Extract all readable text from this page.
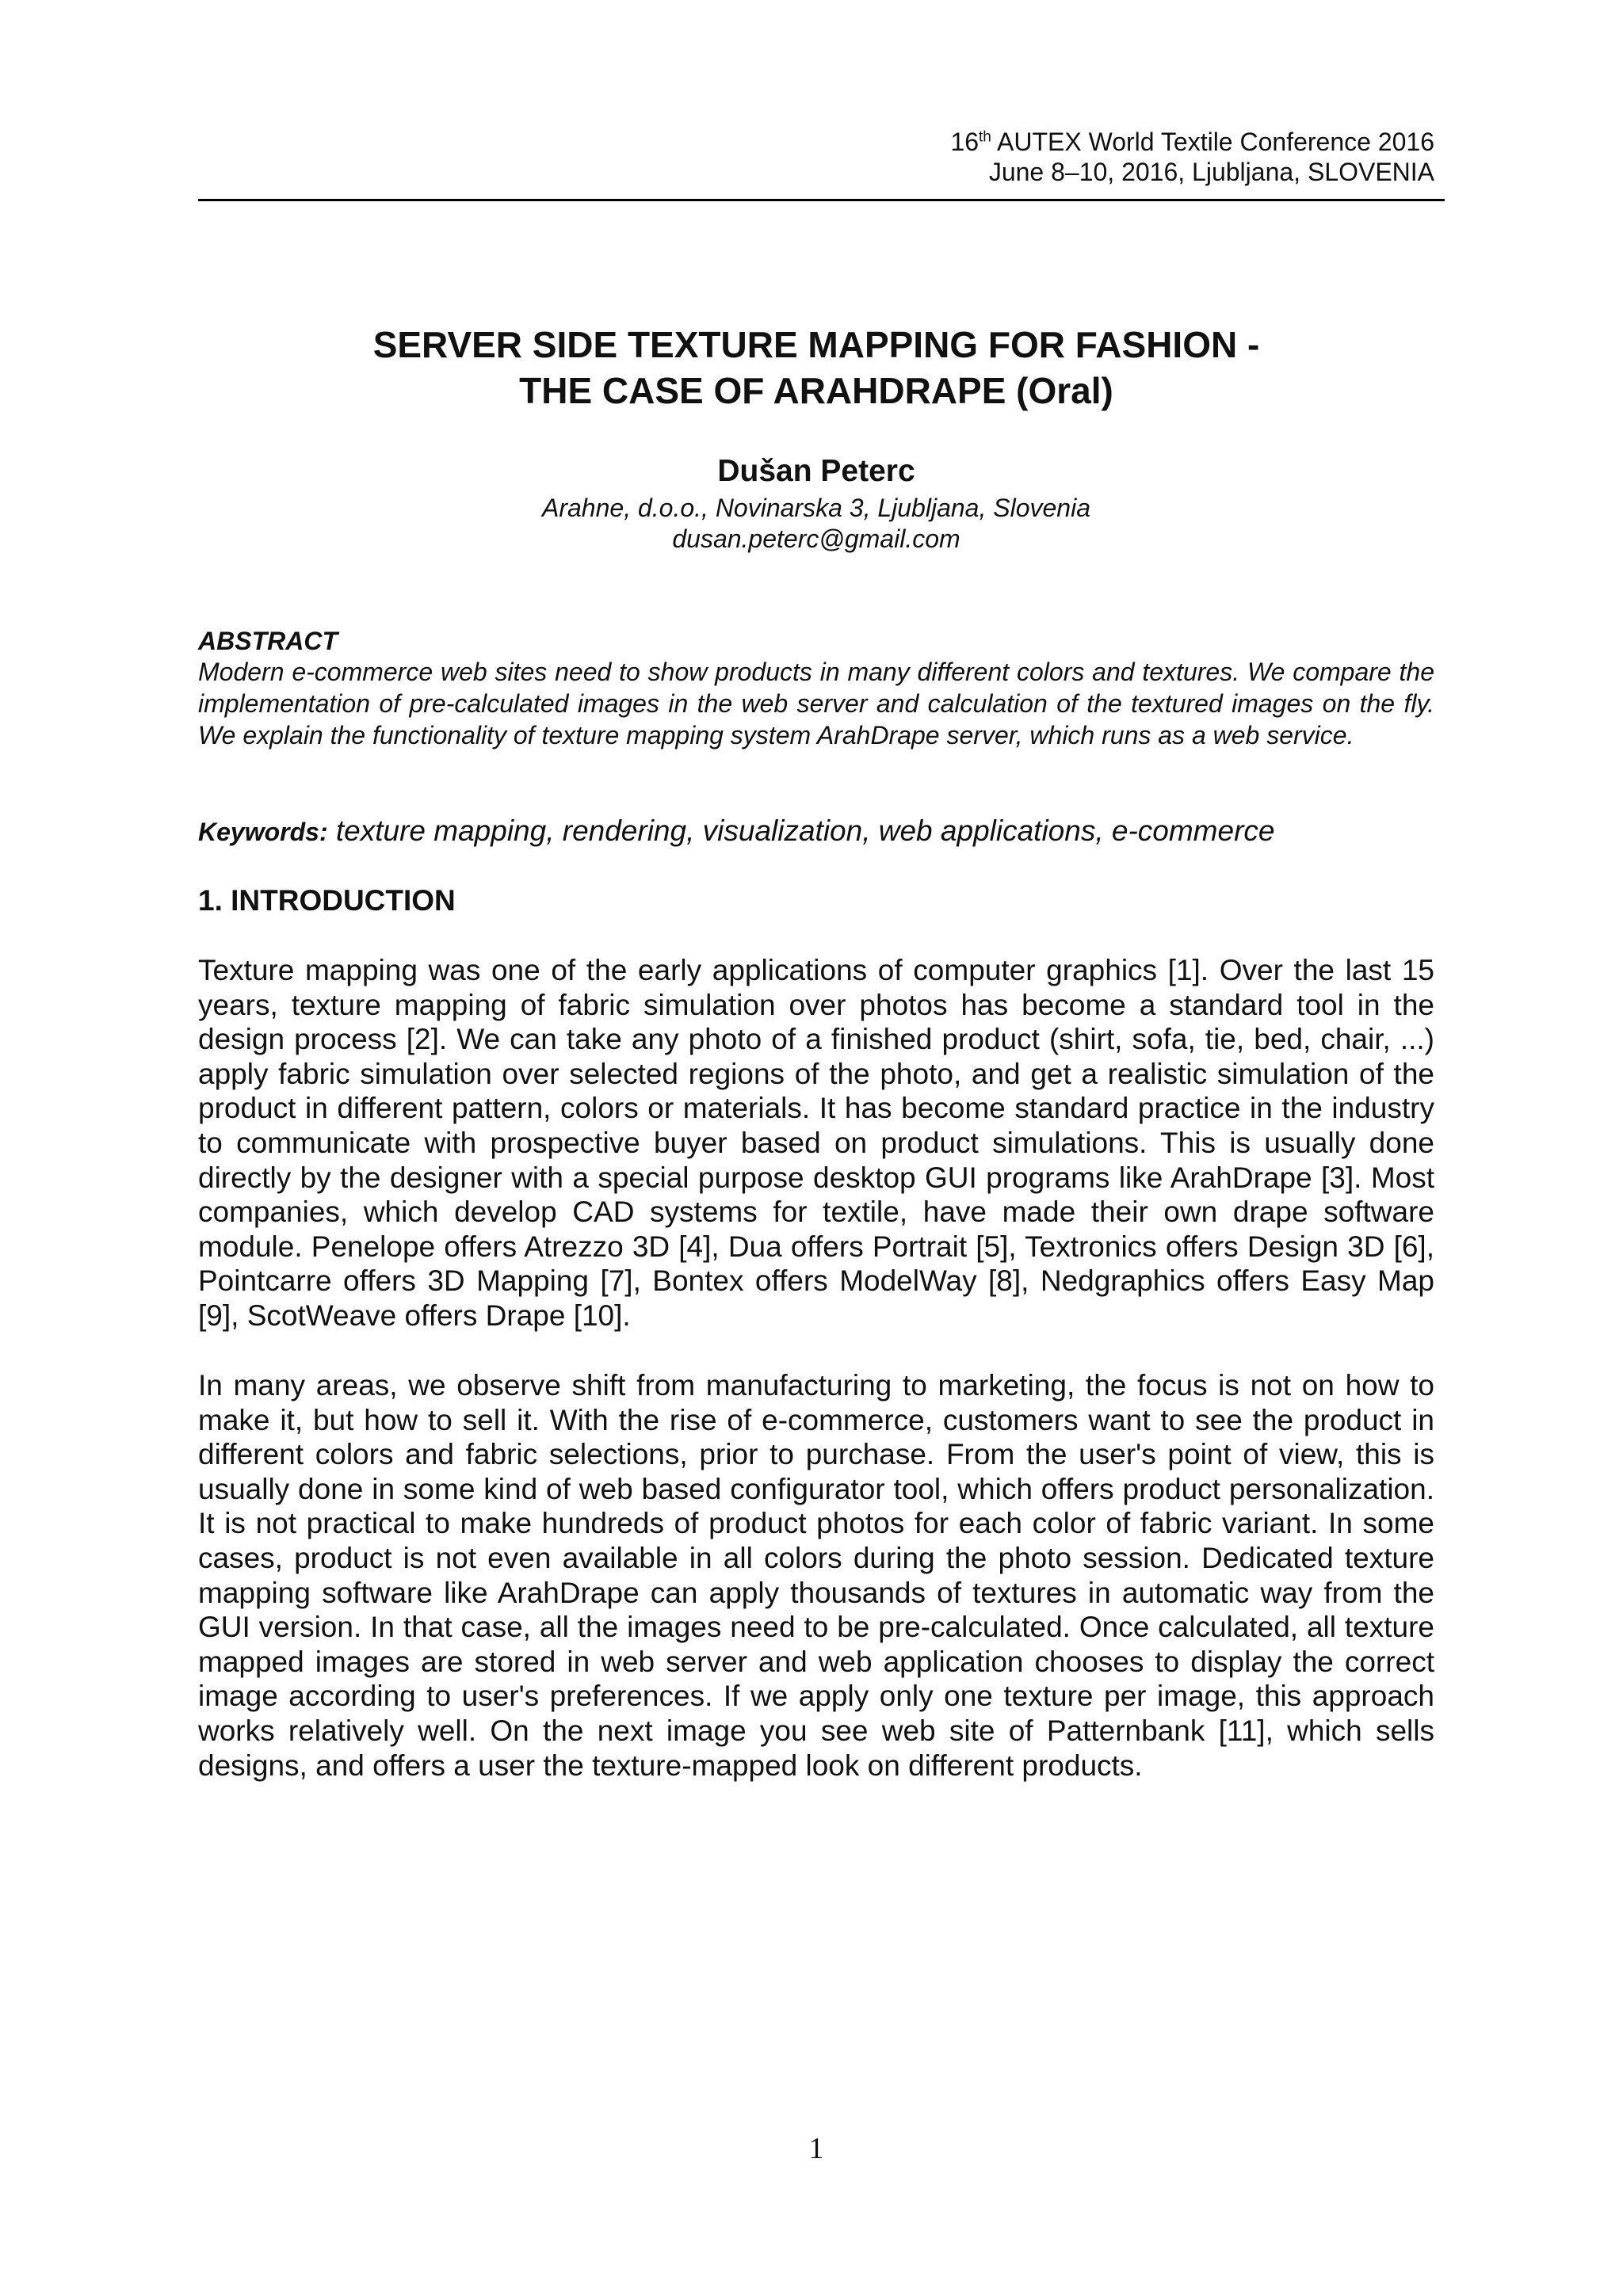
16th AUTEX World Textile Conference 2016
June 8–10, 2016, Ljubljana, SLOVENIA
SERVER SIDE TEXTURE MAPPING FOR FASHION -
THE CASE OF ARAHDRAPE (Oral)
Dušan Peterc
Arahne, d.o.o., Novinarska 3, Ljubljana, Slovenia
dusan.peterc@gmail.com
ABSTRACT
Modern e-commerce web sites need to show products in many different colors and textures. We compare the implementation of pre-calculated images in the web server and calculation of the textured images on the fly. We explain the functionality of texture mapping system ArahDrape server, which runs as a web service.
Keywords: texture mapping, rendering, visualization, web applications, e-commerce
1. INTRODUCTION
Texture mapping was one of the early applications of computer graphics [1]. Over the last 15 years, texture mapping of fabric simulation over photos has become a standard tool in the design process [2]. We can take any photo of a finished product (shirt, sofa, tie, bed, chair, ...) apply fabric simulation over selected regions of the photo, and get a realistic simulation of the product in different pattern, colors or materials. It has become standard practice in the industry to communicate with prospective buyer based on product simulations. This is usually done directly by the designer with a special purpose desktop GUI programs like ArahDrape [3]. Most companies, which develop CAD systems for textile, have made their own drape software module. Penelope offers Atrezzo 3D [4], Dua offers Portrait [5], Textronics offers Design 3D [6], Pointcarre offers 3D Mapping [7], Bontex offers ModelWay [8], Nedgraphics offers Easy Map [9], ScotWeave offers Drape [10].
In many areas, we observe shift from manufacturing to marketing, the focus is not on how to make it, but how to sell it. With the rise of e-commerce, customers want to see the product in different colors and fabric selections, prior to purchase. From the user's point of view, this is usually done in some kind of web based configurator tool, which offers product personalization. It is not practical to make hundreds of product photos for each color of fabric variant. In some cases, product is not even available in all colors during the photo session. Dedicated texture mapping software like ArahDrape can apply thousands of textures in automatic way from the GUI version. In that case, all the images need to be pre-calculated. Once calculated, all texture mapped images are stored in web server and web application chooses to display the correct image according to user's preferences. If we apply only one texture per image, this approach works relatively well. On the next image you see web site of Patternbank [11], which sells designs, and offers a user the texture-mapped look on different products.
1
